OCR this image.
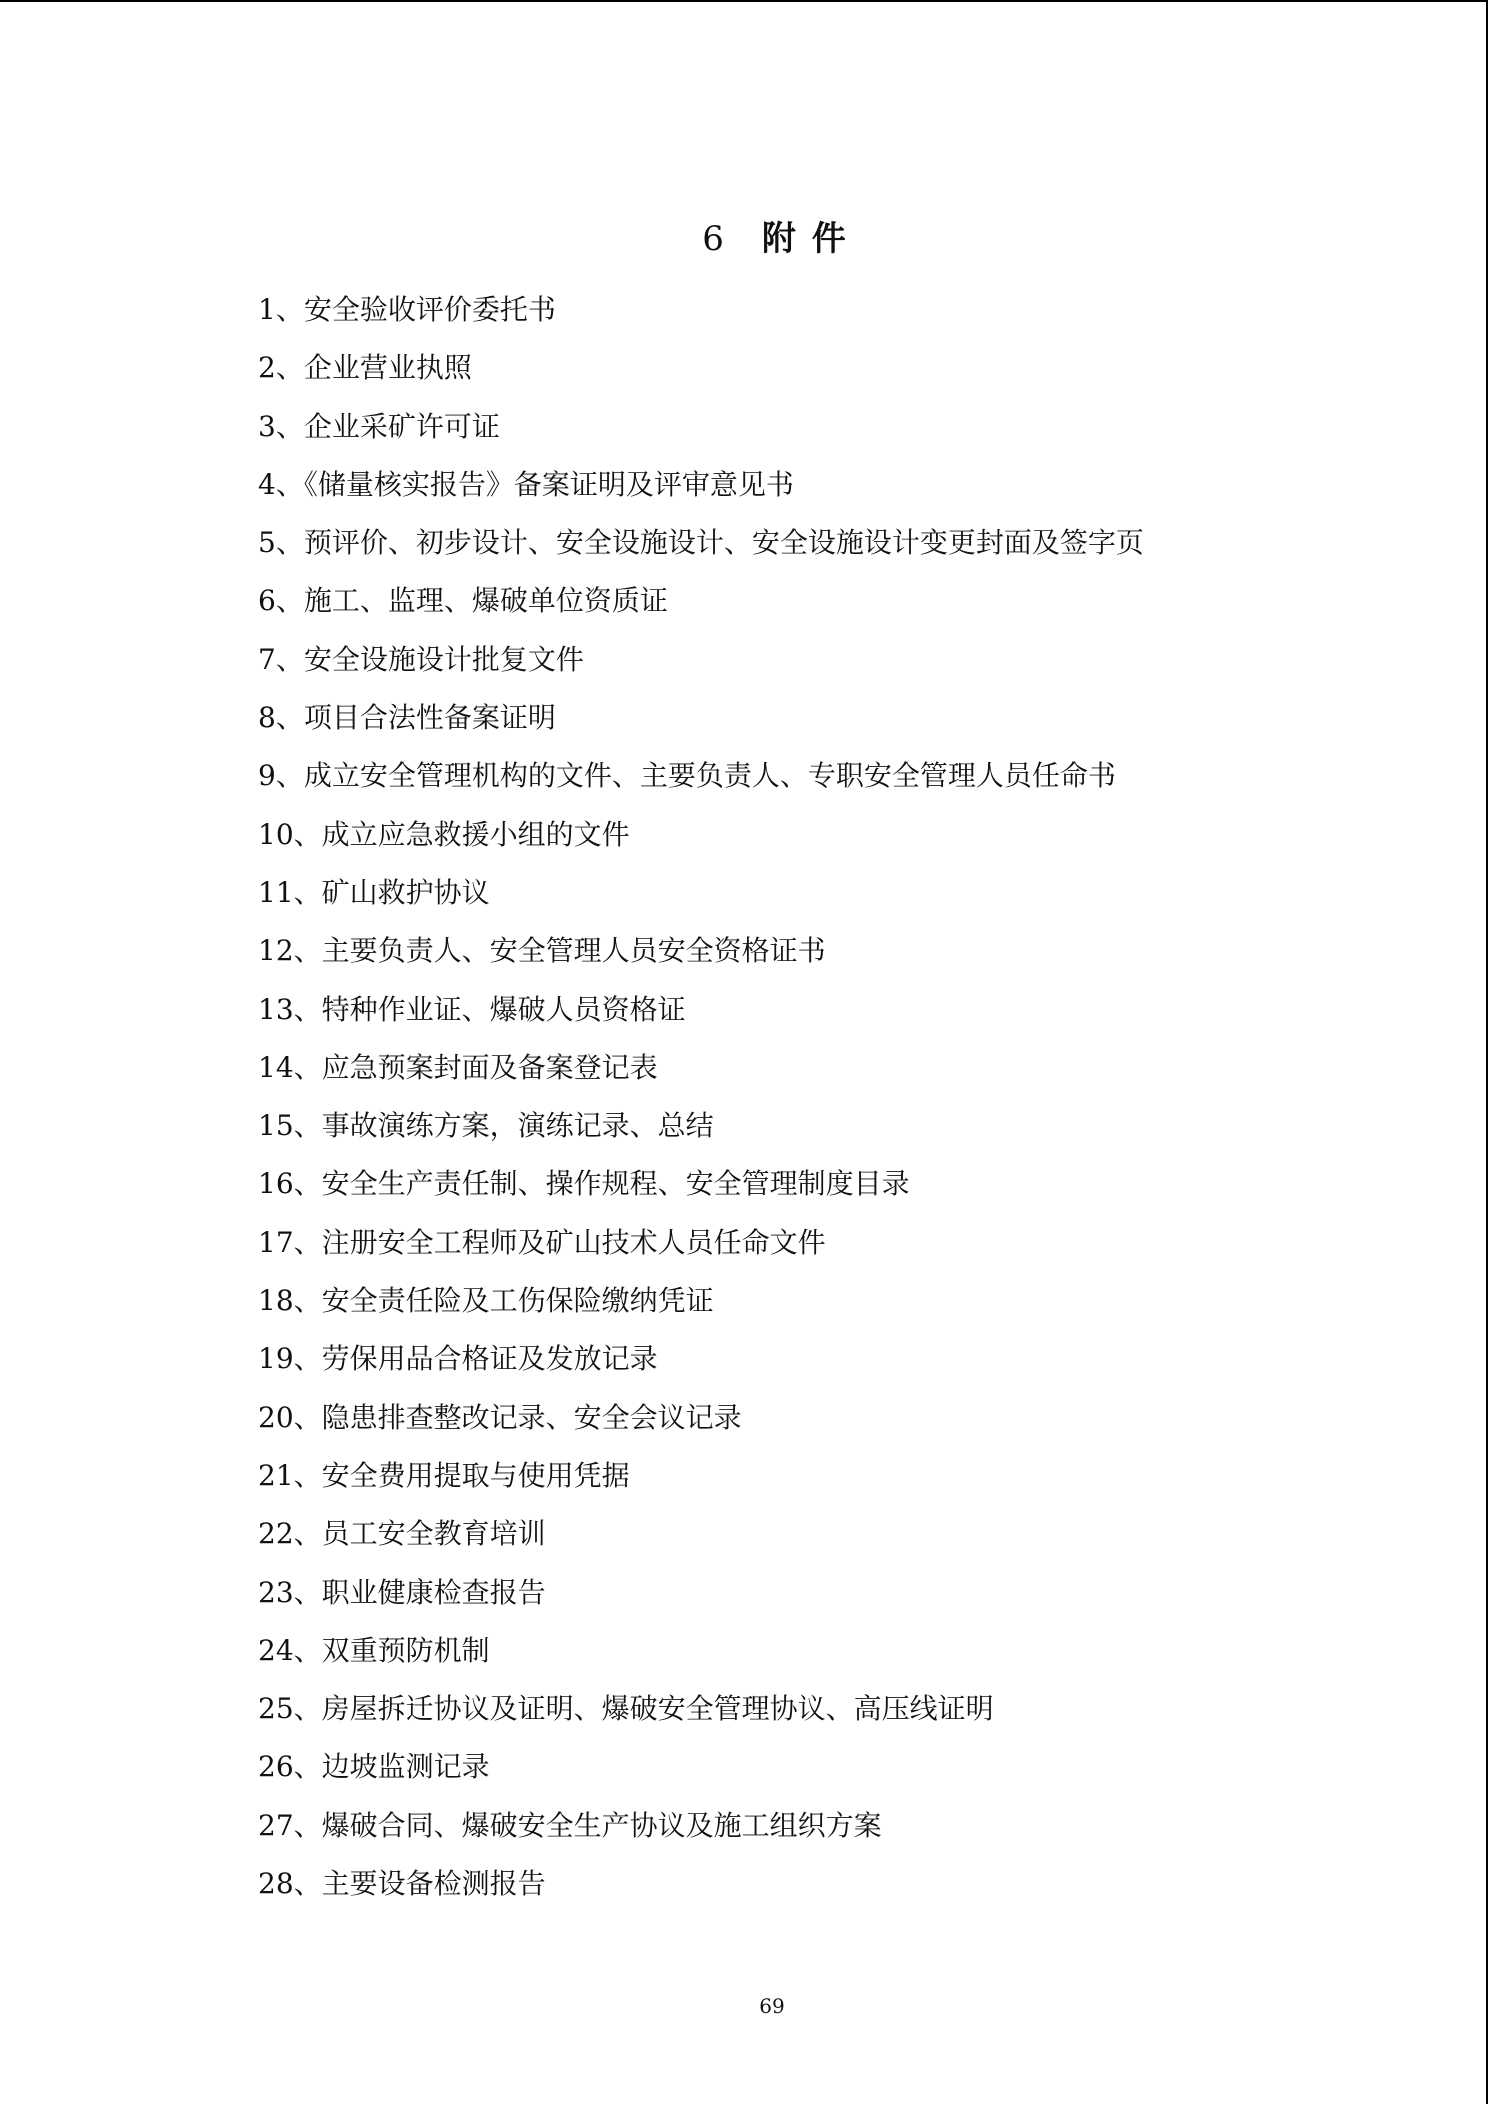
6 附 件
1、安全验收评价委托书
2、企业营业执照
3、企业采矿许可证
4、《储量核实报告》备案证明及评审意见书
5、预评价、初步设计、安全设施设计、安全设施设计变更封面及签字页
6、施工、监理、爆破单位资质证
7、安全设施设计批复文件
8、项目合法性备案证明
9、成立安全管理机构的文件、主要负责人、专职安全管理人员任命书
10、成立应急救援小组的文件
11、矿山救护协议
12、主要负责人、安全管理人员安全资格证书
13、特种作业证、爆破人员资格证
14、应急预案封面及备案登记表
15、事故演练方案，演练记录、总结
16、安全生产责任制、操作规程、安全管理制度目录
17、注册安全工程师及矿山技术人员任命文件
18、安全责任险及工伤保险缴纳凭证
19、劳保用品合格证及发放记录
20、隐患排查整改记录、安全会议记录
21、安全费用提取与使用凭据
22、员工安全教育培训
23、职业健康检查报告
24、双重预防机制
25、房屋拆迁协议及证明、爆破安全管理协议、高压线证明
26、边坡监测记录
27、爆破合同、爆破安全生产协议及施工组织方案
28、主要设备检测报告
69
